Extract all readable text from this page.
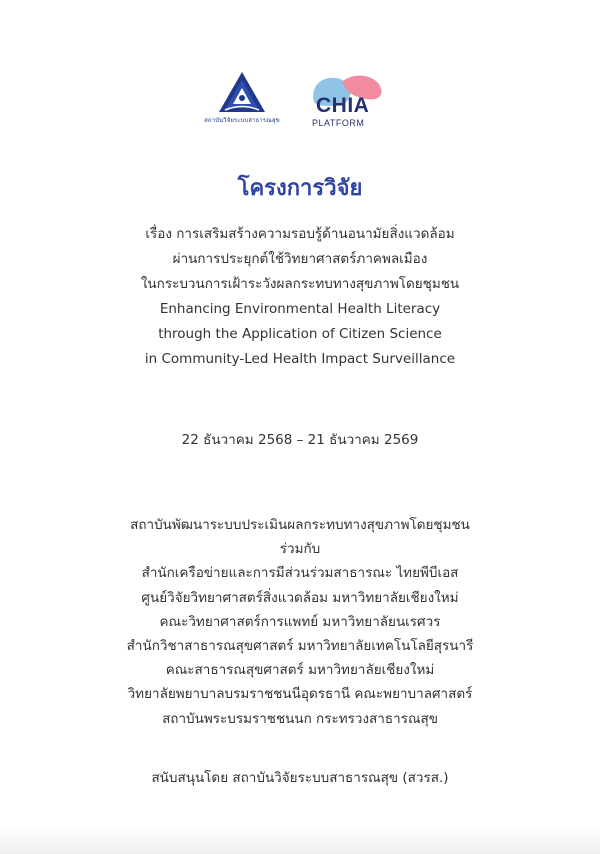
สถาบันวิจัยระบบสาธารณสุข
CHIA
PLATFORM
โครงการวิจัย
เรื่อง การเสริมสร้างความรอบรู้ด้านอนามัยสิ่งแวดล้อม
ผ่านการประยุกต์ใช้วิทยาศาสตร์ภาคพลเมือง
ในกระบวนการเฝ้าระวังผลกระทบทางสุขภาพโดยชุมชน
Enhancing Environmental Health Literacy
through the Application of Citizen Science
in Community-Led Health Impact Surveillance
22 ธันวาคม 2568 – 21 ธันวาคม 2569
สถาบันพัฒนาระบบประเมินผลกระทบทางสุขภาพโดยชุมชน
ร่วมกับ
สำนักเครือข่ายและการมีส่วนร่วมสาธารณะ ไทยพีบีเอส
ศูนย์วิจัยวิทยาศาสตร์สิ่งแวดล้อม มหาวิทยาลัยเชียงใหม่
คณะวิทยาศาสตร์การแพทย์ มหาวิทยาลัยนเรศวร
สำนักวิชาสาธารณสุขศาสตร์ มหาวิทยาลัยเทคโนโลยีสุรนารี
คณะสาธารณสุขศาสตร์ มหาวิทยาลัยเชียงใหม่
วิทยาลัยพยาบาลบรมราชชนนีอุดรธานี คณะพยาบาลศาสตร์
สถาบันพระบรมราชชนนก กระทรวงสาธารณสุข
สนับสนุนโดย สถาบันวิจัยระบบสาธารณสุข (สวรส.)
